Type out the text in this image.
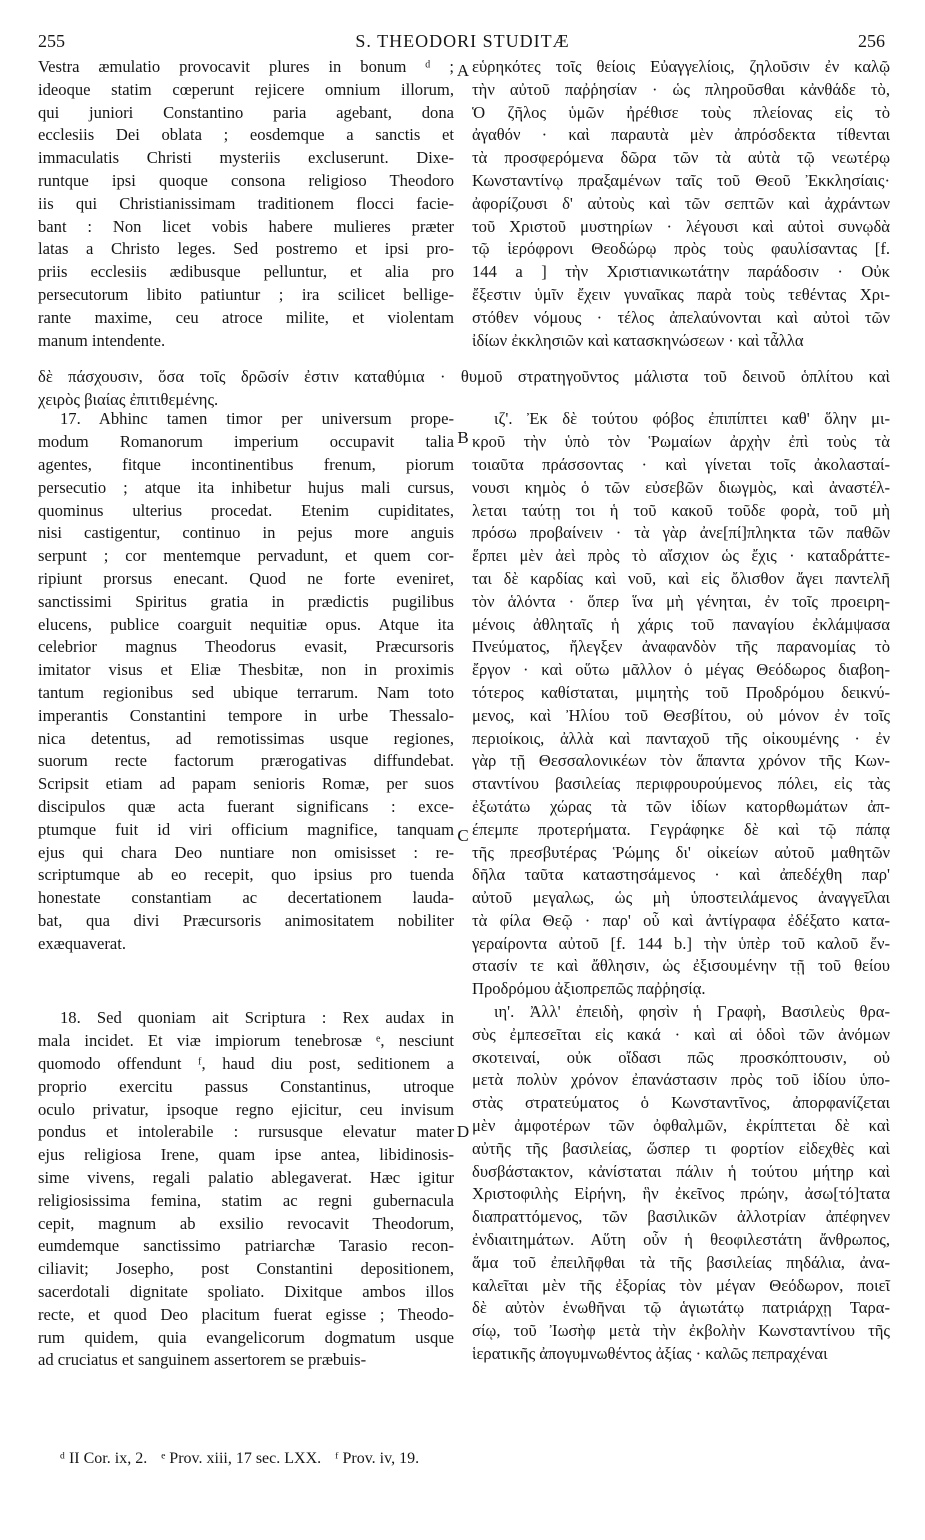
S. THEODORI STUDITÆ
255	256
Vestra æmulatio provocavit plures in bonum ᵈ ;
ideoque statim cœperunt rejicere omnium illorum,
qui juniori Constantino paria agebant, dona
ecclesiis Dei oblata ; eosdemque a sanctis et
immaculatis Christi mysteriis excluserunt. Dixe-
runtque ipsi quoque consona religioso Theodoro
iis qui Christianissimam traditionem flocci facie-
bant : Non licet vobis habere mulieres præter
latas a Christo leges. Sed postremo et ipsi pro-
priis ecclesiis ædibusque pelluntur, et alia pro
persecutorum libito patiuntur ; ira scilicet bellige-
rante maxime, ceu atroce milite, et violentam
manum intendente.
17. Abhinc tamen timor per universum prope-
modum Romanorum imperium occupavit talia
agentes, fitque incontinentibus frenum, piorum
persecutio ; atque ita inhibetur hujus mali cursus,
quominus ulterius procedat. Etenim cupiditates,
nisi castigentur, continuo in pejus more anguis
serpunt ; cor mentemque pervadunt, et quem cor-
ripiunt prorsus enecant. Quod ne forte eveniret,
sanctissimi Spiritus gratia in prædictis pugilibus
elucens, publice coarguit nequitiæ opus. Atque ita
celebrior magnus Theodorus evasit, Præcursoris
imitator visus et Eliæ Thesbitæ, non in proximis
tantum regionibus sed ubique terrarum. Nam toto
imperantis Constantini tempore in urbe Thessalo-
nica detentus, ad remotissimas usque regiones,
suorum recte factorum prærogativas diffundebat.
Scripsit etiam ad papam senioris Romæ, per suos
discipulos quæ acta fuerant significans : exce-
ptumque fuit id viri officium magnifice, tanquam
ejus qui chara Deo nuntiare non omisisset : re-
scriptumque ab eo recepit, quo ipsius pro tuenda
honestate constantiam ac decertationem lauda-
bat, qua divi Præcursoris animositatem nobiliter
exæquaverat.
18. Sed quoniam ait Scriptura : Rex audax in
mala incidet. Et viæ impiorum tenebrosæ ᵉ, nesciunt
quomodo offendunt ᶠ, haud diu post, seditionem a
proprio exercitu passus Constantinus, utroque
oculo privatur, ipsoque regno ejicitur, ceu invisum
pondus et intolerabile : rursusque elevatur mater
ejus religiosa Irene, quam ipse antea, libidinosis-
sime vivens, regali palatio ablegaverat. Hæc igitur
religiosissima femina, statim ac regni gubernacula
cepit, magnum ab exsilio revocavit Theodorum,
eumdemque sanctissimo patriarchæ Tarasio recon-
ciliavit; Josepho, post Constantini depositionem,
sacerdotali dignitate spoliato. Dixitque ambos illos
recte, et quod Deo placitum fuerat egisse ; Theodo-
rum quidem, quia evangelicorum dogmatum usque
ad cruciatus et sanguinem assertorem se præbuis-
εὑρηκότες τοῖς θείοις Εὐαγγελίοις, ζηλοῦσιν ἐν καλῷ
τὴν αὐτοῦ παῤῥησίαν · ὡς πληροῦσθαι κἀνθάδε τὸ,
Ὁ ζῆλος ὑμῶν ἠρέθισε τοὺς πλείονας εἰς τὸ
ἀγαθόν · καὶ παραυτὰ μὲν ἀπρόσδεκτα τίθενται
τὰ προσφερόμενα δῶρα τῶν τὰ αὐτὰ τῷ νεωτέρῳ
Κωνσταντίνῳ πραξαμένων ταῖς τοῦ Θεοῦ Ἐκκλησίαις·
ἀφορίζουσι δ' αὐτοὺς καὶ τῶν σεπτῶν καὶ ἀχράντων
τοῦ Χριστοῦ μυστηρίων · λέγουσι καὶ αὐτοὶ συνῳδὰ
τῷ ἱερόφρονι Θεοδώρῳ πρὸς τοὺς φαυλίσαντας [f.
144 a ] τὴν Χριστιανικωτάτην παράδοσιν · Οὐκ
ἔξεστιν ὑμῖν ἔχειν γυναῖκας παρὰ τοὺς τεθέντας Χρι-
στόθεν νόμους · τέλος ἀπελαύνονται καὶ αὐτοὶ τῶν
ἰδίων ἐκκλησιῶν καὶ κατασκηνώσεων · καὶ τἆλλα
ιζ'. Ἐκ δὲ τούτου φόβος ἐπιπίπτει καθ' ὅλην μι-
κροῦ τὴν ὑπὸ τὸν Ῥωμαίων ἀρχὴν ἐπὶ τοὺς τὰ
τοιαῦτα πράσσοντας · καὶ γίνεται τοῖς ἀκολασταί-
νουσι κημὸς ὁ τῶν εὐσεβῶν διωγμὸς, καὶ ἀναστέλ-
λεται ταύτῃ τοι ἡ τοῦ κακοῦ τοῦδε φορὰ, τοῦ μὴ
πρόσω προβαίνειν · τὰ γὰρ ἀνε[πί]πληκτα τῶν παθῶν
ἕρπει μὲν ἀεὶ πρὸς τὸ αἴσχιον ὡς ἔχις · καταδράττε-
ται δὲ καρδίας καὶ νοῦ, καὶ εἰς ὄλισθον ἄγει παντελῆ
τὸν ἁλόντα · ὅπερ ἵνα μὴ γένηται, ἐν τοῖς προειρη-
μένοις ἀθληταῖς ἡ χάρις τοῦ παναγίου ἐκλάμψασα
Πνεύματος, ἤλεγξεν ἀναφανδὸν τῆς παρανομίας τὸ
ἔργον · καὶ οὕτω μᾶλλον ὁ μέγας Θεόδωρος διαβοη-
τότερος καθίσταται, μιμητὴς τοῦ Προδρόμου δεικνύ-
μενος, καὶ Ἠλίου τοῦ Θεσβίτου, οὐ μόνον ἐν τοῖς
περιοίκοις, ἀλλὰ καὶ πανταχοῦ τῆς οἰκουμένης · ἐν
γὰρ τῇ Θεσσαλονικέων τὸν ἅπαντα χρόνον τῆς Κων-
σταντίνου βασιλείας περιφρουρούμενος πόλει, εἰς τὰς
ἐξωτάτω χώρας τὰ τῶν ἰδίων κατορθωμάτων ἀπ-
έπεμπε προτερήματα. Γεγράφηκε δὲ καὶ τῷ πάπᾳ
τῆς πρεσβυτέρας Ῥώμης δι' οἰκείων αὐτοῦ μαθητῶν
δῆλα ταῦτα καταστησάμενος · καὶ ἀπεδέχθη παρ'
αὐτοῦ μεγαλως, ὡς μὴ ὑποστειλάμενος ἀναγγεῖλαι
τὰ φίλα Θεῷ · παρ' οὗ καὶ ἀντίγραφα ἐδέξατο κατα-
γεραίροντα αὐτοῦ [f. 144 b.] τὴν ὑπὲρ τοῦ καλοῦ ἔν-
στασίν τε καὶ ἄθλησιν, ὡς ἐξισουμένην τῇ τοῦ θείου
Προδρόμου ἀξιοπρεπῶς παῤῥησίᾳ.
ιη'. Ἀλλ' ἐπειδὴ, φησὶν ἡ Γραφὴ, Βασιλεὺς θρα-
σὺς ἐμπεσεῖται εἰς κακά · καὶ αἱ ὁδοὶ τῶν ἀνόμων
σκοτειναί, οὐκ οἴδασι πῶς προσκόπτουσιν, οὐ
μετὰ πολὺν χρόνον ἐπανάστασιν πρὸς τοῦ ἰδίου ὑπο-
στὰς στρατεύματος ὁ Κωνσταντῖνος, ἀπορφανίζεται
μὲν ἀμφοτέρων τῶν ὀφθαλμῶν, ἐκρίπτεται δὲ καὶ
αὐτῆς τῆς βασιλείας, ὥσπερ τι φορτίον εἰδεχθὲς καὶ
δυσβάστακτον, κἀνίσταται πάλιν ἡ τούτου μήτηρ καὶ
Χριστοφιλὴς Εἰρήνη, ἣν ἐκεῖνος πρώην, ἀσω[τό]τατα
διαπραττόμενος, τῶν βασιλικῶν ἀλλοτρίαν ἀπέφηνεν
ἐνδιαιτημάτων. Αὕτη οὖν ἡ θεοφιλεστάτη ἄνθρωπος,
ἅμα τοῦ ἐπειλῆφθαι τὰ τῆς βασιλείας πηδάλια, ἀνα-
καλεῖται μὲν τῆς ἐξορίας τὸν μέγαν Θεόδωρον, ποιεῖ
δὲ αὐτὸν ἑνωθῆναι τῷ ἁγιωτάτῳ πατριάρχῃ Ταρα-
σίῳ, τοῦ Ἰωσὴφ μετὰ τὴν ἐκβολὴν Κωνσταντίνου τῆς
ἱερατικῆς ἀπογυμνωθέντος ἀξίας · καλῶς πεπραχέναι
δὲ πάσχουσιν, ὅσα τοῖς δρῶσίν ἐστιν καταθύμια · θυμοῦ στρατηγοῦντος μάλιστα τοῦ δεινοῦ ὁπλίτου καὶ
χειρὸς βιαίας ἐπιτιθεμένης.
A
B
C
D
ᵈ II Cor. ix, 2. ᵉ Prov. xiii, 17 sec. LXX. ᶠ Prov. iv, 19.
